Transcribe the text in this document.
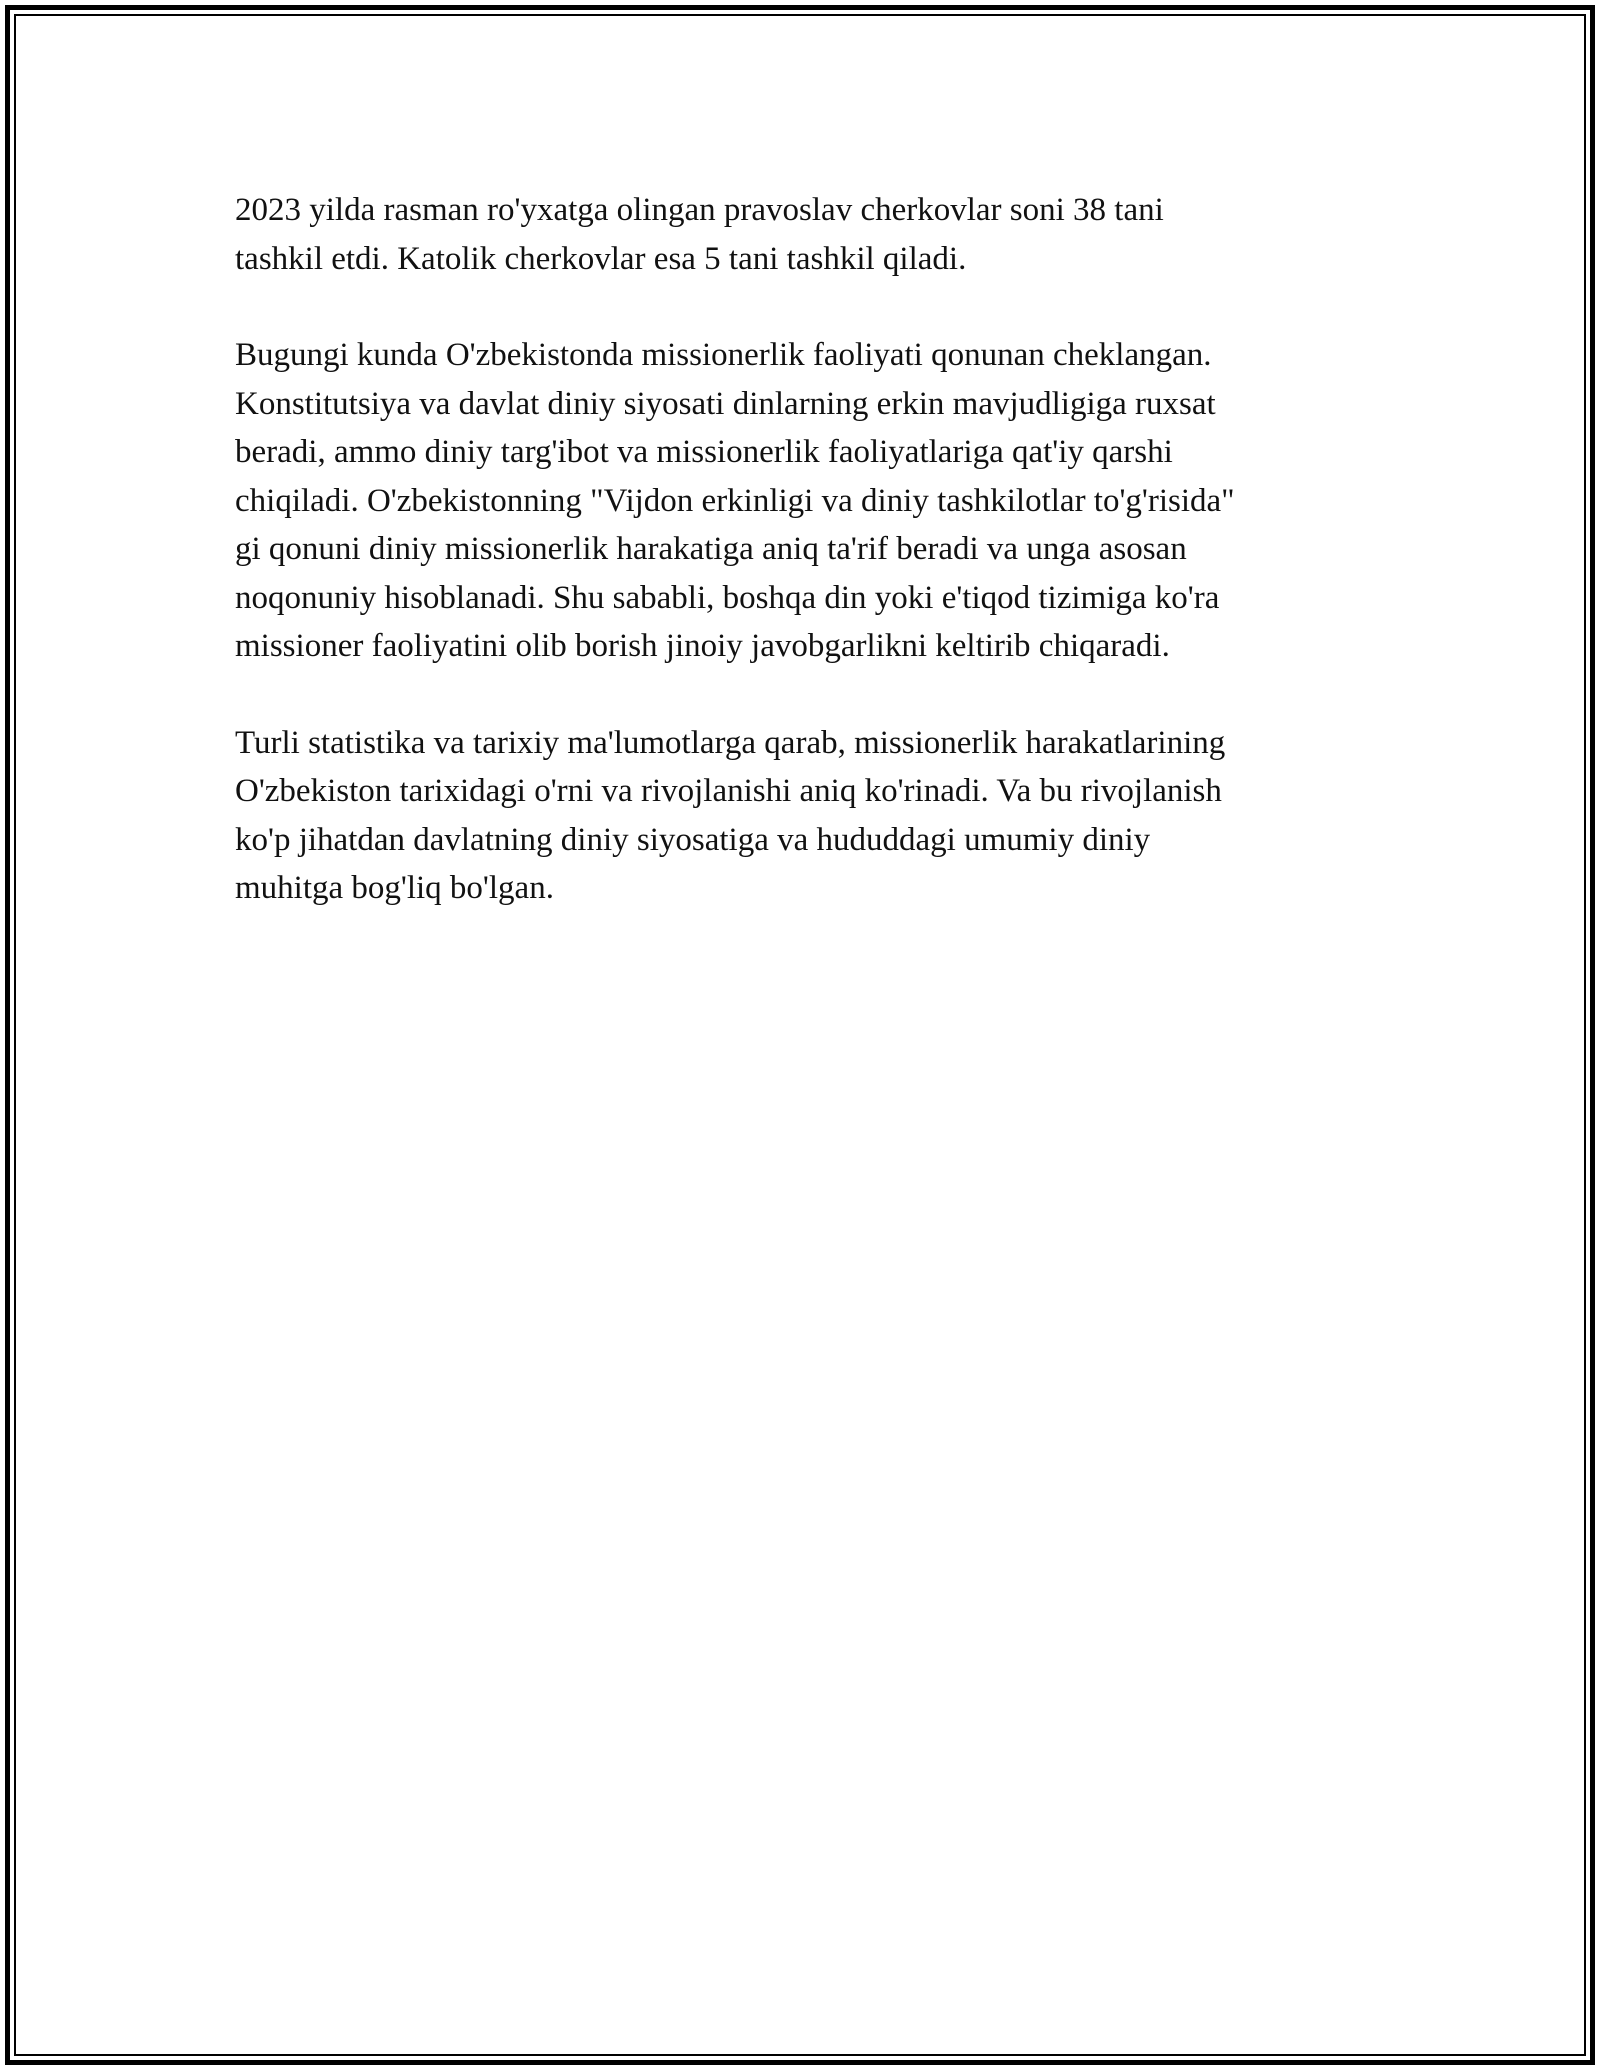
2023 yilda rasman ro'yxatga olingan pravoslav cherkovlar soni 38 tani
tashkil etdi. Katolik cherkovlar esa 5 tani tashkil qiladi.

Bugungi kunda O'zbekistonda missionerlik faoliyati qonunan cheklangan.
Konstitutsiya va davlat diniy siyosati dinlarning erkin mavjudligiga ruxsat
beradi, ammo diniy targ'ibot va missionerlik faoliyatlariga qat'iy qarshi
chiqiladi. O'zbekistonning "Vijdon erkinligi va diniy tashkilotlar to'g'risida"
gi qonuni diniy missionerlik harakatiga aniq ta'rif beradi va unga asosan
noqonuniy hisoblanadi. Shu sababli, boshqa din yoki e'tiqod tizimiga ko'ra
missioner faoliyatini olib borish jinoiy javobgarlikni keltirib chiqaradi.

Turli statistika va tarixiy ma'lumotlarga qarab, missionerlik harakatlarining
O'zbekiston tarixidagi o'rni va rivojlanishi aniq ko'rinadi. Va bu rivojlanish
ko'p jihatdan davlatning diniy siyosatiga va hududdagi umumiy diniy
muhitga bog'liq bo'lgan.
